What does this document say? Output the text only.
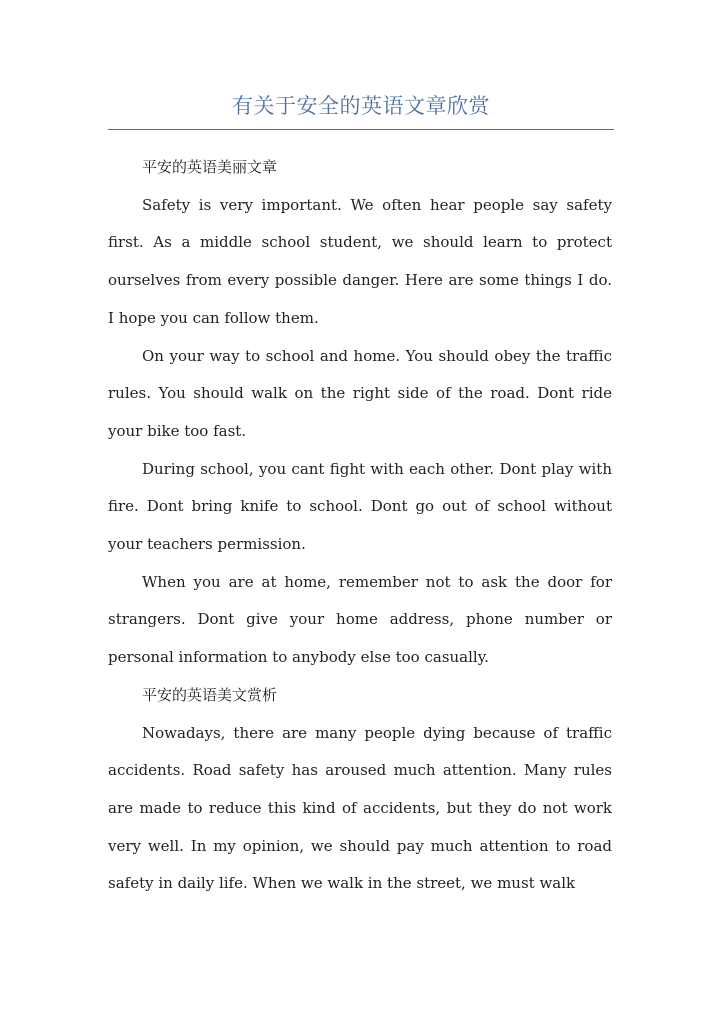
有关于安全的英语文章欣赏

平安的英语美丽文章

Safety is very important. We often hear people say safety first. As a middle school student, we should learn to protect ourselves from every possible danger. Here are some things I do. I hope you can follow them.

On your way to school and home. You should obey the traffic rules. You should walk on the right side of the road. Dont ride your bike too fast.

During school, you cant fight with each other. Dont play with fire. Dont bring knife to school. Dont go out of school without your teachers permission.

When you are at home, remember not to ask the door for strangers. Dont give your home address, phone number or personal information to anybody else too casually.

平安的英语美文赏析

Nowadays, there are many people dying because of traffic accidents. Road safety has aroused much attention. Many rules are made to reduce this kind of accidents, but they do not work very well. In my opinion, we should pay much attention to road safety in daily life. When we walk in the street, we must walk
